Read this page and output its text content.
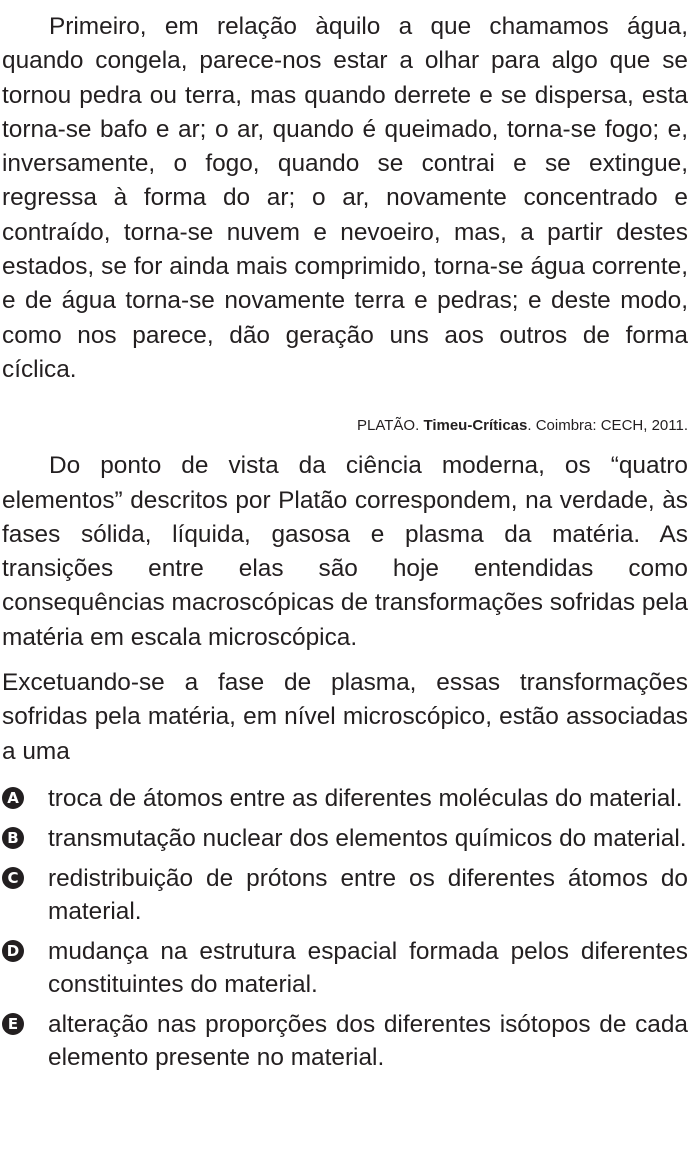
Primeiro, em relação àquilo a que chamamos água, quando congela, parece-nos estar a olhar para algo que se tornou pedra ou terra, mas quando derrete e se dispersa, esta torna-se bafo e ar; o ar, quando é queimado, torna-se fogo; e, inversamente, o fogo, quando se contrai e se extingue, regressa à forma do ar; o ar, novamente concentrado e contraído, torna-se nuvem e nevoeiro, mas, a partir destes estados, se for ainda mais comprimido, torna-se água corrente, e de água torna-se novamente terra e pedras; e deste modo, como nos parece, dão geração uns aos outros de forma cíclica.

PLATÃO. Timeu-Críticas. Coimbra: CECH, 2011.

Do ponto de vista da ciência moderna, os “quatro elementos” descritos por Platão correspondem, na verdade, às fases sólida, líquida, gasosa e plasma da matéria. As transições entre elas são hoje entendidas como consequências macroscópicas de transformações sofridas pela matéria em escala microscópica.

Excetuando-se a fase de plasma, essas transformações sofridas pela matéria, em nível microscópico, estão associadas a uma

A troca de átomos entre as diferentes moléculas do material.
B transmutação nuclear dos elementos químicos do material.
C redistribuição de prótons entre os diferentes átomos do material.
D mudança na estrutura espacial formada pelos diferentes constituintes do material.
E alteração nas proporções dos diferentes isótopos de cada elemento presente no material.
